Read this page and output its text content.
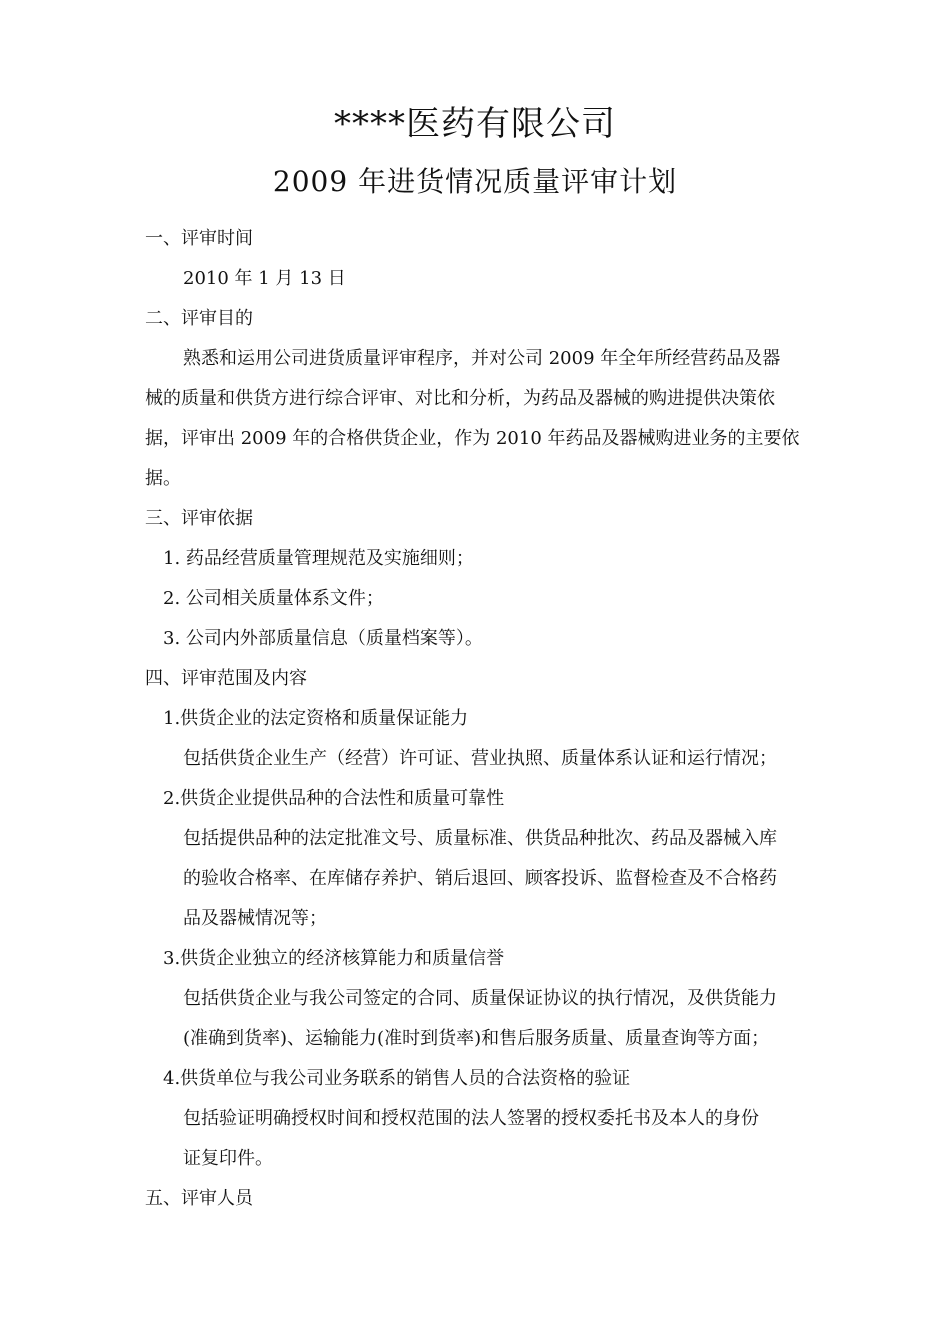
****医药有限公司
2009 年进货情况质量评审计划
一、评审时间
2010 年 1 月 13 日
二、评审目的
熟悉和运用公司进货质量评审程序，并对公司 2009 年全年所经营药品及器
械的质量和供货方进行综合评审、对比和分析，为药品及器械的购进提供决策依
据，评审出 2009 年的合格供货企业，作为 2010 年药品及器械购进业务的主要依
据。
三、评审依据
1. 药品经营质量管理规范及实施细则；
2. 公司相关质量体系文件；
3. 公司内外部质量信息（质量档案等）。
四、评审范围及内容
1.供货企业的法定资格和质量保证能力
包括供货企业生产（经营）许可证、营业执照、质量体系认证和运行情况；
2.供货企业提供品种的合法性和质量可靠性
包括提供品种的法定批准文号、质量标准、供货品种批次、药品及器械入库
的验收合格率、在库储存养护、销后退回、顾客投诉、监督检查及不合格药
品及器械情况等；
3.供货企业独立的经济核算能力和质量信誉
包括供货企业与我公司签定的合同、质量保证协议的执行情况，及供货能力
(准确到货率)、运输能力(准时到货率)和售后服务质量、质量查询等方面；
4.供货单位与我公司业务联系的销售人员的合法资格的验证
包括验证明确授权时间和授权范围的法人签署的授权委托书及本人的身份
证复印件。
五、评审人员
